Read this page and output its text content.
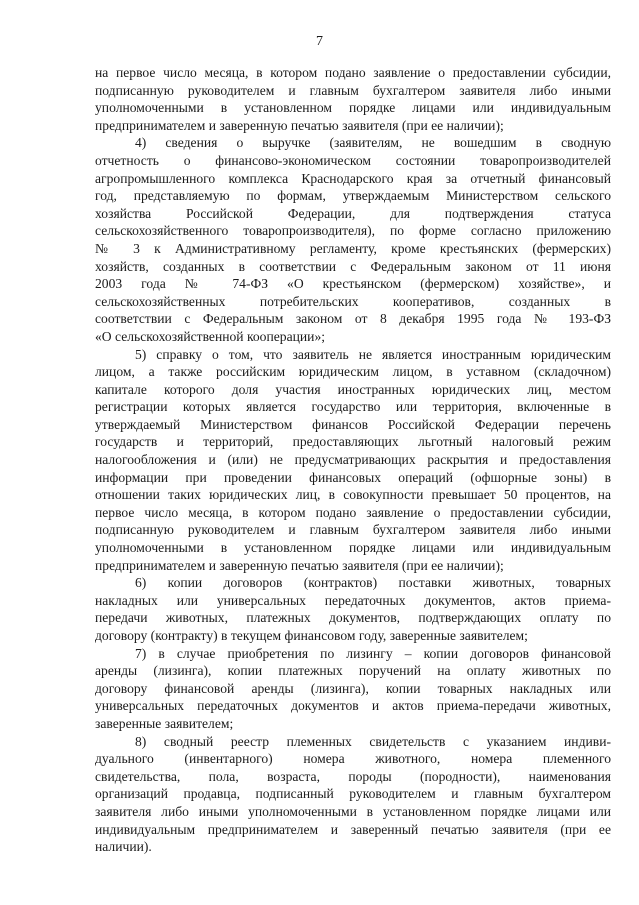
7
на первое число месяца, в котором подано заявление о предоставлении субсидии,
подписанную руководителем и главным бухгалтером заявителя либо иными
уполномоченными в установленном порядке лицами или индивидуальным
предпринимателем и заверенную печатью заявителя (при ее наличии);
4) сведения о выручке (заявителям, не вошедшим в сводную
отчетность о финансово-экономическом состоянии товаропроизводителей
агропромышленного комплекса Краснодарского края за отчетный финансовый
год, представляемую по формам, утверждаемым Министерством сельского
хозяйства Российской Федерации, для подтверждения статуса
сельскохозяйственного товаропроизводителя), по форме согласно приложению
№ 3 к Административному регламенту, кроме крестьянских (фермерских)
хозяйств, созданных в соответствии с Федеральным законом от 11 июня
2003 года № 74-ФЗ «О крестьянском (фермерском) хозяйстве», и
сельскохозяйственных потребительских кооперативов, созданных в
соответствии с Федеральным законом от 8 декабря 1995 года № 193-ФЗ
«О сельскохозяйственной кооперации»;
5) справку о том, что заявитель не является иностранным юридическим
лицом, а также российским юридическим лицом, в уставном (складочном)
капитале которого доля участия иностранных юридических лиц, местом
регистрации которых является государство или территория, включенные в
утверждаемый Министерством финансов Российской Федерации перечень
государств и территорий, предоставляющих льготный налоговый режим
налогообложения и (или) не предусматривающих раскрытия и предоставления
информации при проведении финансовых операций (офшорные зоны) в
отношении таких юридических лиц, в совокупности превышает 50 процентов, на
первое число месяца, в котором подано заявление о предоставлении субсидии,
подписанную руководителем и главным бухгалтером заявителя либо иными
уполномоченными в установленном порядке лицами или индивидуальным
предпринимателем и заверенную печатью заявителя (при ее наличии);
6) копии договоров (контрактов) поставки животных, товарных
накладных или универсальных передаточных документов, актов приема-
передачи животных, платежных документов, подтверждающих оплату по
договору (контракту) в текущем финансовом году, заверенные заявителем;
7) в случае приобретения по лизингу – копии договоров финансовой
аренды (лизинга), копии платежных поручений на оплату животных по
договору финансовой аренды (лизинга), копии товарных накладных или
универсальных передаточных документов и актов приема-передачи животных,
заверенные заявителем;
8) сводный реестр племенных свидетельств с указанием индиви-
дуального (инвентарного) номера животного, номера племенного
свидетельства, пола, возраста, породы (породности), наименования
организаций продавца, подписанный руководителем и главным бухгалтером
заявителя либо иными уполномоченными в установленном порядке лицами или
индивидуальным предпринимателем и заверенный печатью заявителя (при ее
наличии).
